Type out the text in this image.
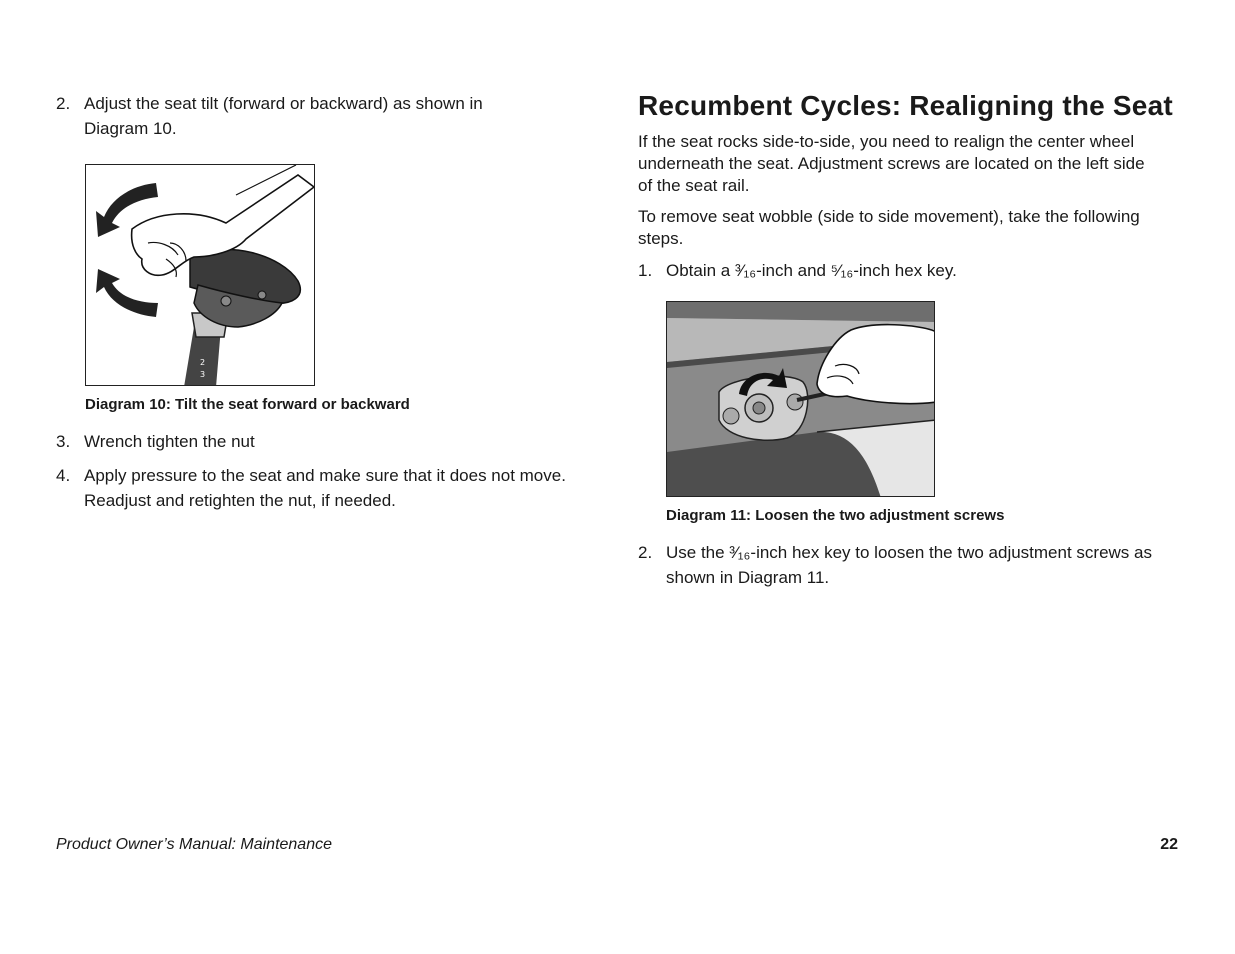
2. Adjust the seat tilt (forward or backward) as shown in
Diagram 10.
2
3
Diagram 10: Tilt the seat forward or backward
3. Wrench tighten the nut
4. Apply pressure to the seat and make sure that it does not move.
Readjust and retighten the nut, if needed.
Recumbent Cycles: Realigning the Seat
If the seat rocks side-to-side, you need to realign the center wheel
underneath the seat. Adjustment screws are located on the left side
of the seat rail.
To remove seat wobble (side to side movement), take the following
steps.
1. Obtain a ³⁄₁₆-inch and ⁵⁄₁₆-inch hex key.
Diagram 11: Loosen the two adjustment screws
2. Use the ³⁄₁₆-inch hex key to loosen the two adjustment screws as
shown in Diagram 11.
Product Owner’s Manual: Maintenance	22
